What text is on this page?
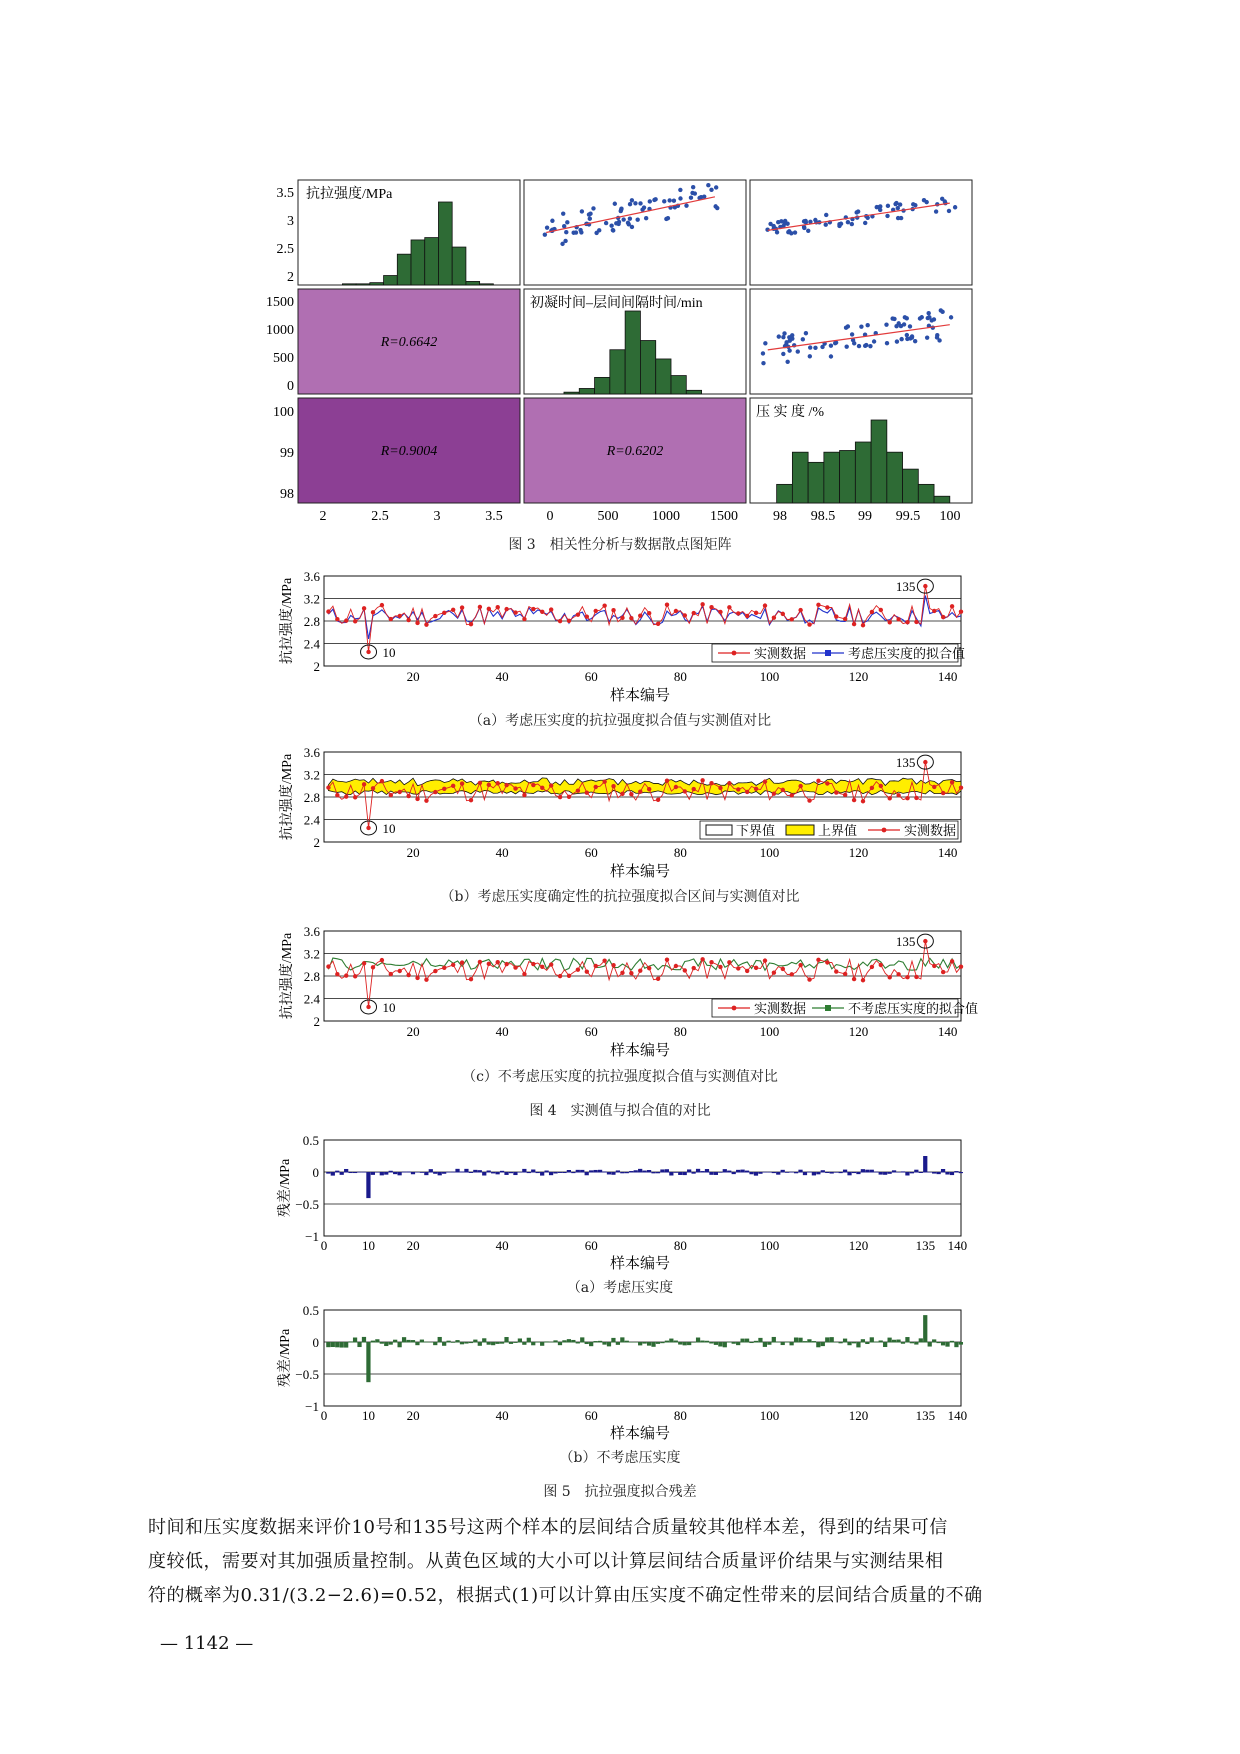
抗拉强度/MPa
初凝时间–层间间隔时间/min
压 实 度 /%
R=0.6642
R=0.9004	R=0.6202
3.5
3
2.5
2
1500
1000
500
0
100
99
98
2	2.5	3	3.5	0	500 1000 1500	98 98.5 99 99.5 100
图 3　相关性分析与数据散点图矩阵
3.6
3.2
2.8
2.4
2
20	40	60	80	100	120	140
样本编号
抗拉强度/MPa	10
135
实测数据	考虑压实度的拟合值
3.6
3.2
2.8
2.4
2
20	40	60	80	100	120	140
样本编号
抗拉强度/MPa	10
135
下界值	上界值	实测数据
3.6
3.2
2.8
2.4
2
20	40	60	80	100	120	140
样本编号
抗拉强度/MPa	10
135
实测数据	不考虑压实度的拟合值
（a）考虑压实度的抗拉强度拟合值与实测值对比
（b）考虑压实度确定性的抗拉强度拟合区间与实测值对比
（c）不考虑压实度的抗拉强度拟合值与实测值对比
图 4　实测值与拟合值的对比
0.5
0
−0.5
−1
0	10 20	40	60	80	100	120	135 140
样本编号
残差/MPa
0.5
0
−0.5
−1
0	10 20	40	60	80	100	120	135 140
样本编号
残差/MPa
（a）考虑压实度
（b）不考虑压实度
图 5　抗拉强度拟合残差

时间和压实度数据来评价10号和135号这两个样本的层间结合质量较其他样本差，得到的结果可信

度较低，需要对其加强质量控制。从黄色区域的大小可以计算层间结合质量评价结果与实测结果相

符的概率为0.31/(3.2−2.6)=0.52，根据式(1)可以计算由压实度不确定性带来的层间结合质量的不确

— 1142 —
